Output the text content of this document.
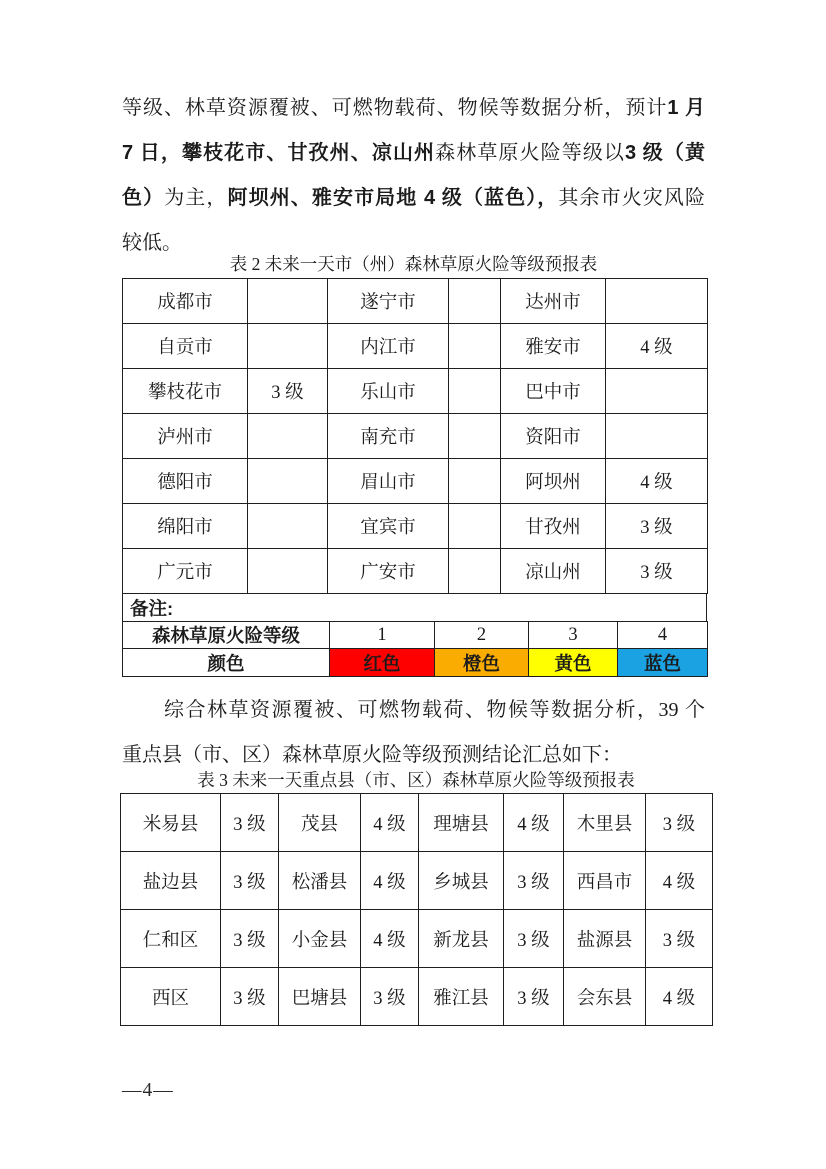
等级、林草资源覆被、可燃物载荷、物候等数据分析，预计1 月
7 日，攀枝花市、甘孜州、凉山州森林草原火险等级以3 级（黄
色）为主，阿坝州、雅安市局地 4 级（蓝色），其余市火灾风险
较低。
表 2 未来一天市（州）森林草原火险等级预报表
成都市		遂宁市		达州市	
自贡市		内江市		雅安市	4 级
攀枝花市	3 级	乐山市		巴中市	
泸州市		南充市		资阳市	
德阳市		眉山市		阿坝州	4 级
绵阳市		宜宾市		甘孜州	3 级
广元市		广安市		凉山州	3 级
备注:
森林草原火险等级	1	2	3	4
颜色	红色	橙色	黄色	蓝色
综合林草资源覆被、可燃物载荷、物候等数据分析，39 个
重点县（市、区）森林草原火险等级预测结论汇总如下：
表 3 未来一天重点县（市、区）森林草原火险等级预报表
米易县	3 级	茂县	4 级	理塘县	4 级	木里县	3 级
盐边县	3 级	松潘县	4 级	乡城县	3 级	西昌市	4 级
仁和区	3 级	小金县	4 级	新龙县	3 级	盐源县	3 级
西区	3 级	巴塘县	3 级	雅江县	3 级	会东县	4 级
—4—
